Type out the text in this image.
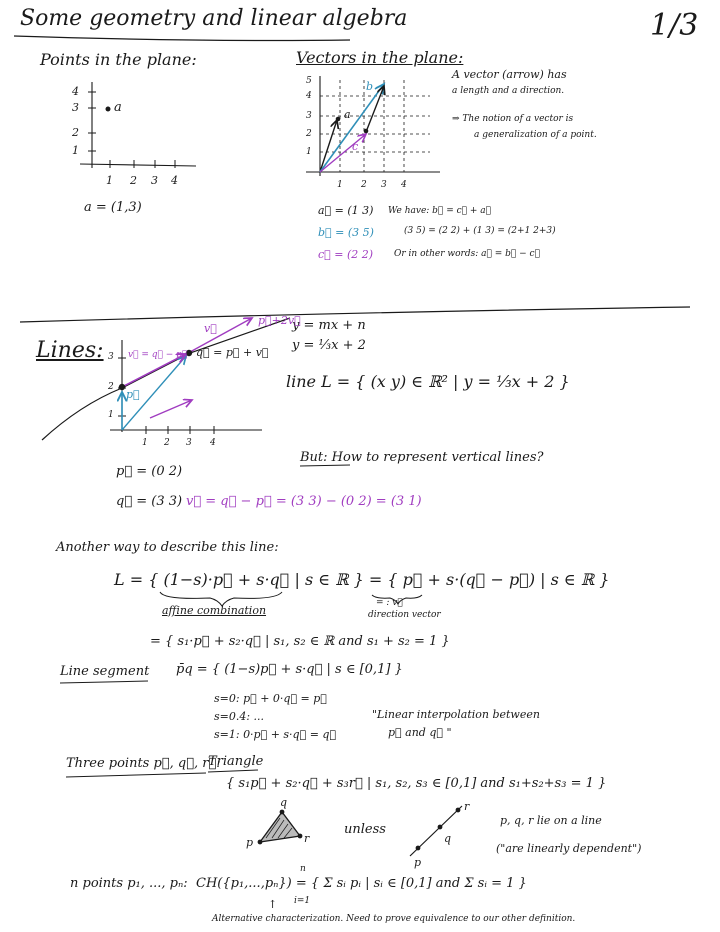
Some geometry and linear algebra	1/3
Points in the plane:
a
4
3
2
1
1 2 3 4
a = (1,3)
Vectors in the plane:
a
b
c
5
4
3
2
1
1 2 3 4
A vector (arrow) has
a length and a direction.
⇒ The notion of a vector is
a generalization of a point.
a⃗ = (1 3)
b⃗ = (3 5)
c⃗ = (2 2)
We have: b⃗ = c⃗ + a⃗
(3 5) = (2 2) + (1 3) = (2+1 2+3)
Or in other words: a⃗ = b⃗ − c⃗
Lines:
y = mx + n
y = ⅓x + 2
line L = { (x y) ∈ ℝ² | y = ⅓x + 2 }
p⃗
q⃗ = p⃗ + v⃗
v⃗ = q⃗ − p⃗
v⃗
p⃗+2v⃗
1
2
3
1 2 3 4
But: How to represent vertical lines?
p⃗ = (0 2)
q⃗ = (3 3) v⃗ = q⃗ − p⃗ = (3 3) − (0 2) = (3 1)
Another way to describe this line:
L = { (1−s)·p⃗ + s·q⃗ | s ∈ ℝ } = { p⃗ + s·(q⃗ − p⃗) | s ∈ ℝ }
affine combination
= : v⃗
direction vector
= { s₁·p⃗ + s₂·q⃗ | s₁, s₂ ∈ ℝ and s₁ + s₂ = 1 }
Line segment p̄q = { (1−s)p⃗ + s·q⃗ | s ∈ [0,1] }
s=0: p⃗ + 0·q⃗ = p⃗
s=0.4: ...
s=1: 0·p⃗ + s·q⃗ = q⃗
"Linear interpolation between
p⃗ and q⃗ "
Three points p⃗, q⃗, r⃗:
Triangle
{ s₁p⃗ + s₂·q⃗ + s₃r⃗ | s₁, s₂, s₃ ∈ [0,1] and s₁+s₂+s₃ = 1 }
p
q
r
unless
p
q
r
p, q, r lie on a line
("are linearly dependent")
n points p₁, ..., pₙ: CH({p₁,...,pₙ}) = { Σ sᵢ pᵢ | sᵢ ∈ [0,1] and Σ sᵢ = 1 }
n
i=1
↑
Alternative characterization. Need to prove equivalence to our other definition.
